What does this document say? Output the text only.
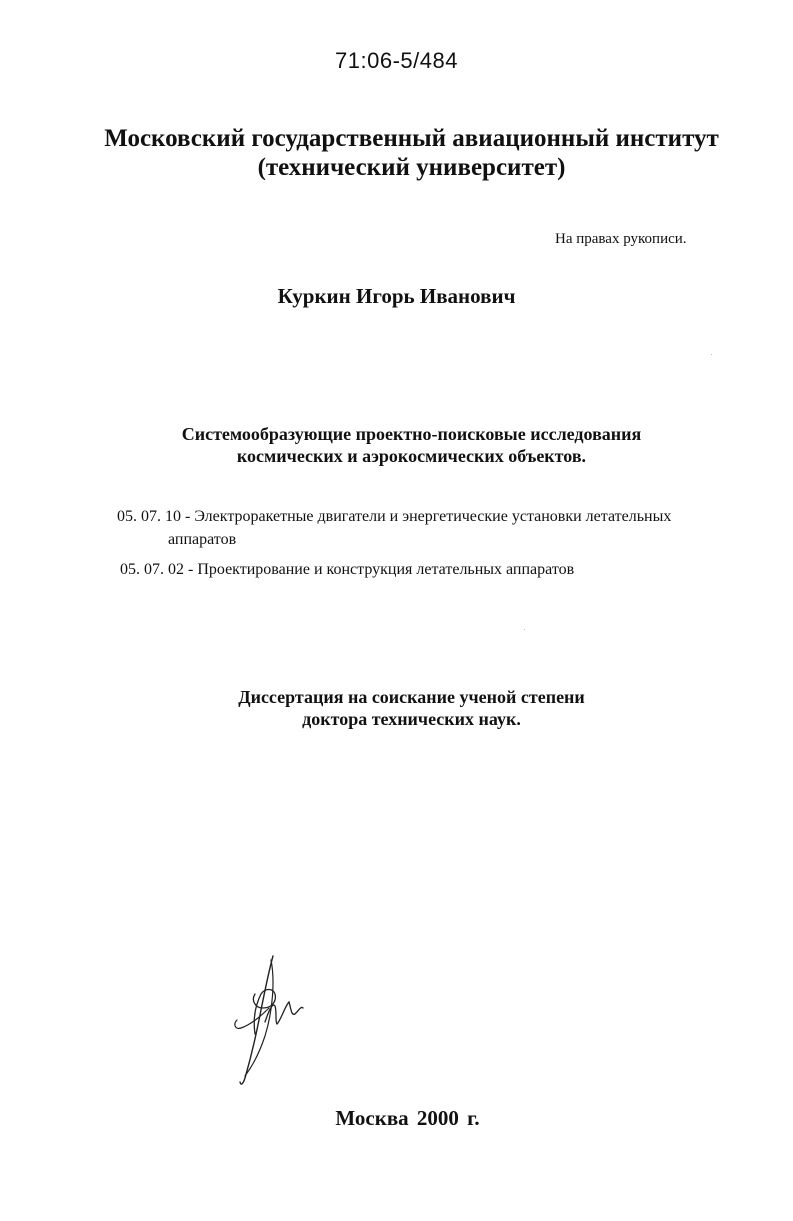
71:06-5/484
Московский государственный авиационный институт
(технический университет)
На правах рукописи.
Куркин Игорь Иванович
Системообразующие проектно-поисковые исследования
космических и аэрокосмических объектов.
05. 07. 10 - Электроракетные двигатели и энергетические установки летательных
аппаратов
05. 07. 02 - Проектирование и конструкция летательных аппаратов
Диссертация на соискание ученой степени
доктора технических наук.
Москва 2000 г.
